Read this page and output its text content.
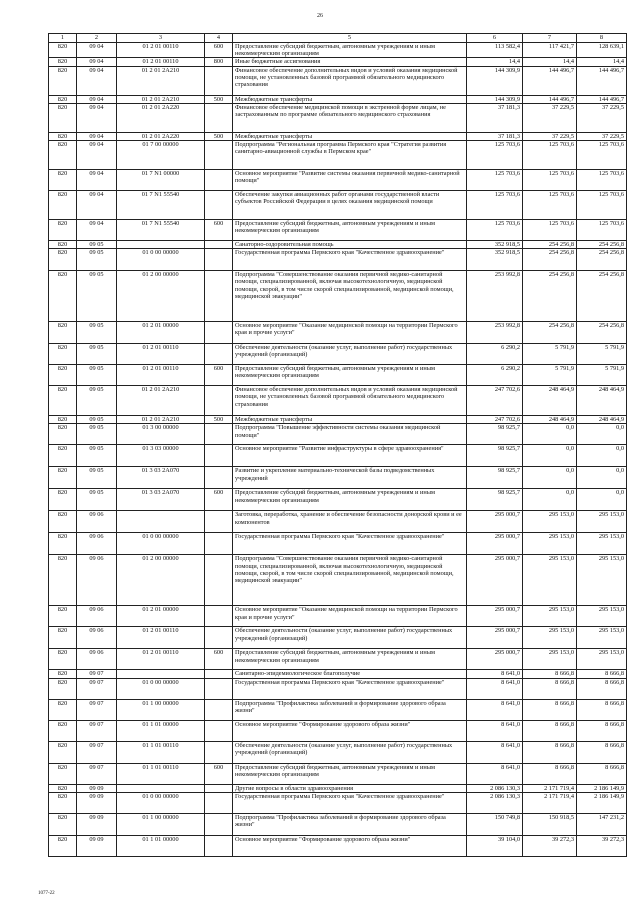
26
1	2	3	4	5	6	7	8
820	09 04	01 2 01 00110	600	Предоставление субсидий бюджетным, автономным учреждениям и иным некоммерческим организациям	113 582,4	117 421,7	128 639,1
820	09 04	01 2 01 00110	800	Иные бюджетные ассигнования	14,4	14,4	14,4
820	09 04	01 2 01 2А210		Финансовое обеспечение дополнительных видов и условий оказания медицинской помощи, не установленных базовой программой обязательного медицинского страхования	144 309,9	144 496,7	144 496,7
820	09 04	01 2 01 2А210	500	Межбюджетные трансферты	144 309,9	144 496,7	144 496,7
820	09 04	01 2 01 2А220		Финансовое обеспечение медицинской помощи в экстренной форме лицам, не застрахованным по программе обязательного медицинского страхования	37 181,3	37 229,5	37 229,5
820	09 04	01 2 01 2А220	500	Межбюджетные трансферты	37 181,3	37 229,5	37 229,5
820	09 04	01 7 00 00000		Подпрограмма "Региональная программа Пермского края "Стратегия развития санитарно-авиационной службы в Пермском крае"	125 703,6	125 703,6	125 703,6
820	09 04	01 7 N1 00000		Основное мероприятие "Развитие системы оказания первичной медико-санитарной помощи"	125 703,6	125 703,6	125 703,6
820	09 04	01 7 N1 55540		Обеспечение закупки авиационных работ органами государственной власти субъектов Российской Федерации в целях оказания медицинской помощи	125 703,6	125 703,6	125 703,6
820	09 04	01 7 N1 55540	600	Предоставление субсидий бюджетным, автономным учреждениям и иным некоммерческим организациям	125 703,6	125 703,6	125 703,6
820	09 05			Санаторно-оздоровительная помощь	352 918,5	254 256,8	254 256,8
820	09 05	01 0 00 00000		Государственная программа Пермского края "Качественное здравоохранение"	352 918,5	254 256,8	254 256,8
820	09 05	01 2 00 00000		Подпрограмма "Совершенствование оказания первичной медико-санитарной помощи, специализированной, включая высокотехнологичную, медицинской помощи, скорой, в том числе скорой специализированной, медицинской помощи, медицинской эвакуации"	253 992,8	254 256,8	254 256,8
820	09 05	01 2 01 00000		Основное мероприятие "Оказание медицинской помощи на территории Пермского края и прочие услуги"	253 992,8	254 256,8	254 256,8
820	09 05	01 2 01 00110		Обеспечение деятельности (оказание услуг, выполнение работ) государственных учреждений (организаций)	6 290,2	5 791,9	5 791,9
820	09 05	01 2 01 00110	600	Предоставление субсидий бюджетным, автономным учреждениям и иным некоммерческим организациям	6 290,2	5 791,9	5 791,9
820	09 05	01 2 01 2А210		Финансовое обеспечение дополнительных видов и условий оказания медицинской помощи, не установленных базовой программой обязательного медицинского страхования	247 702,6	248 464,9	248 464,9
820	09 05	01 2 01 2А210	500	Межбюджетные трансферты	247 702,6	248 464,9	248 464,9
820	09 05	01 3 00 00000		Подпрограмма "Повышение эффективности системы оказания медицинской помощи"	98 925,7	0,0	0,0
820	09 05	01 3 03 00000		Основное мероприятие "Развитие инфраструктуры в сфере здравоохранения"	98 925,7	0,0	0,0
820	09 05	01 3 03 2А070		Развитие и укрепление материально-технической базы подведомственных учреждений	98 925,7	0,0	0,0
820	09 05	01 3 03 2А070	600	Предоставление субсидий бюджетным, автономным учреждениям и иным некоммерческим организациям	98 925,7	0,0	0,0
820	09 06			Заготовка, переработка, хранение и обеспечение безопасности донорской крови и ее компонентов	295 000,7	295 153,0	295 153,0
820	09 06	01 0 00 00000		Государственная программа Пермского края "Качественное здравоохранение"	295 000,7	295 153,0	295 153,0
820	09 06	01 2 00 00000		Подпрограмма "Совершенствование оказания первичной медико-санитарной помощи, специализированной, включая высокотехнологичную, медицинской помощи, скорой, в том числе скорой специализированной, медицинской помощи, медицинской эвакуации"	295 000,7	295 153,0	295 153,0
820	09 06	01 2 01 00000		Основное мероприятие "Оказание медицинской помощи на территории Пермского края и прочие услуги"	295 000,7	295 153,0	295 153,0
820	09 06	01 2 01 00110		Обеспечение деятельности (оказание услуг, выполнение работ) государственных учреждений (организаций)	295 000,7	295 153,0	295 153,0
820	09 06	01 2 01 00110	600	Предоставление субсидий бюджетным, автономным учреждениям и иным некоммерческим организациям	295 000,7	295 153,0	295 153,0
820	09 07			Санитарно-эпидемиологическое благополучие	8 641,0	8 666,8	8 666,8
820	09 07	01 0 00 00000		Государственная программа Пермского края "Качественное здравоохранение"	8 641,0	8 666,8	8 666,8
820	09 07	01 1 00 00000		Подпрограмма "Профилактика заболеваний и формирование здорового образа жизни"	8 641,0	8 666,8	8 666,8
820	09 07	01 1 01 00000		Основное мероприятие "Формирование здорового образа жизни"	8 641,0	8 666,8	8 666,8
820	09 07	01 1 01 00110		Обеспечение деятельности (оказание услуг, выполнение работ) государственных учреждений (организаций)	8 641,0	8 666,8	8 666,8
820	09 07	01 1 01 00110	600	Предоставление субсидий бюджетным, автономным учреждениям и иным некоммерческим организациям	8 641,0	8 666,8	8 666,8
820	09 09			Другие вопросы в области здравоохранения	2 086 130,3	2 171 719,4	2 186 149,9
820	09 09	01 0 00 00000		Государственная программа Пермского края "Качественное здравоохранение"	2 086 130,3	2 171 719,4	2 186 149,9
820	09 09	01 1 00 00000		Подпрограмма "Профилактика заболеваний и формирование здорового образа жизни"	150 749,8	150 918,5	147 231,2
820	09 09	01 1 01 00000		Основное мероприятие "Формирование здорового образа жизни"	39 104,0	39 272,3	39 272,3
1077-22
